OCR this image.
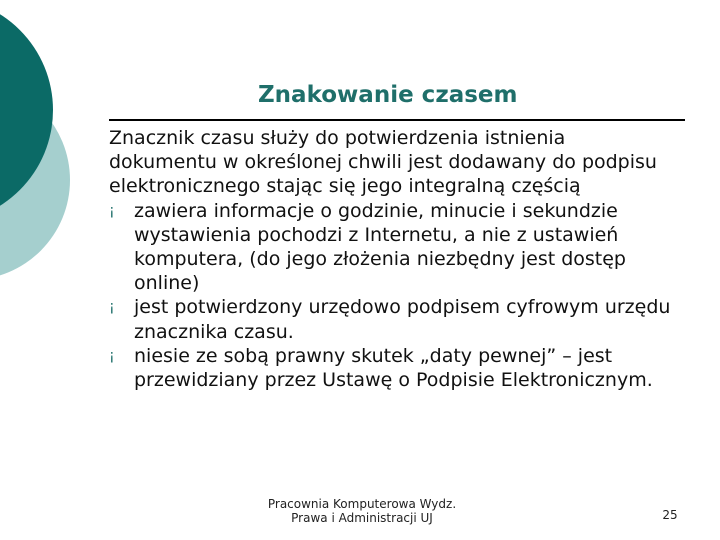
Znakowanie czasem

Znacznik czasu służy do potwierdzenia istnienia dokumentu w określonej chwili jest dodawany do podpisu elektronicznego stając się jego integralną częścią

¡ zawiera informacje o godzinie, minucie i sekundzie wystawienia pochodzi z Internetu, a nie z ustawień komputera, (do jego złożenia niezbędny jest dostęp online)

¡ jest potwierdzony urzędowo podpisem cyfrowym urzędu znacznika czasu.

¡ niesie ze sobą prawny skutek „daty pewnej” – jest przewidziany przez Ustawę o Podpisie Elektronicznym.

Pracownia Komputerowa Wydz.
Prawa i Administracji UJ	25
